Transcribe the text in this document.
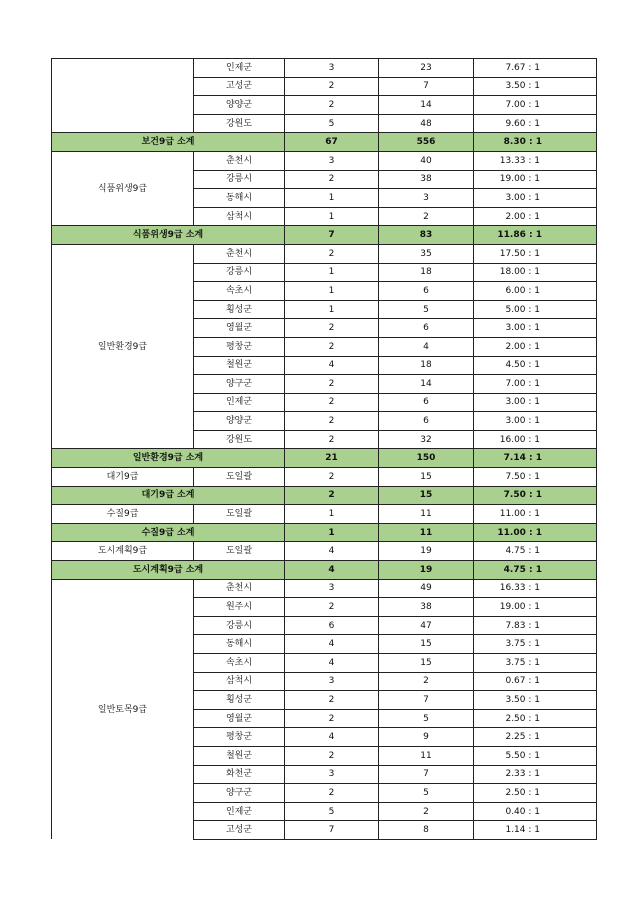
	인제군	3	23	7.67 : 1
	고성군	2	7	3.50 : 1
	양양군	2	14	7.00 : 1
	강원도	5	48	9.60 : 1
보건9급 소계		67	556	8.30 : 1
식품위생9급	춘천시	3	40	13.33 : 1
	강릉시	2	38	19.00 : 1
	동해시	1	3	3.00 : 1
	삼척시	1	2	2.00 : 1
식품위생9급 소계		7	83	11.86 : 1
일반환경9급	춘천시	2	35	17.50 : 1
	강릉시	1	18	18.00 : 1
	속초시	1	6	6.00 : 1
	횡성군	1	5	5.00 : 1
	영월군	2	6	3.00 : 1
	평창군	2	4	2.00 : 1
	철원군	4	18	4.50 : 1
	양구군	2	14	7.00 : 1
	인제군	2	6	3.00 : 1
	양양군	2	6	3.00 : 1
	강원도	2	32	16.00 : 1
일반환경9급 소계		21	150	7.14 : 1
대기9급	도일괄	2	15	7.50 : 1
대기9급 소계		2	15	7.50 : 1
수질9급	도일괄	1	11	11.00 : 1
수질9급 소계		1	11	11.00 : 1
도시계획9급	도일괄	4	19	4.75 : 1
도시계획9급 소계		4	19	4.75 : 1
일반토목9급	춘천시	3	49	16.33 : 1
	원주시	2	38	19.00 : 1
	강릉시	6	47	7.83 : 1
	동해시	4	15	3.75 : 1
	속초시	4	15	3.75 : 1
	삼척시	3	2	0.67 : 1
	횡성군	2	7	3.50 : 1
	영월군	2	5	2.50 : 1
	평창군	4	9	2.25 : 1
	철원군	2	11	5.50 : 1
	화천군	3	7	2.33 : 1
	양구군	2	5	2.50 : 1
	인제군	5	2	0.40 : 1
	고성군	7	8	1.14 : 1
